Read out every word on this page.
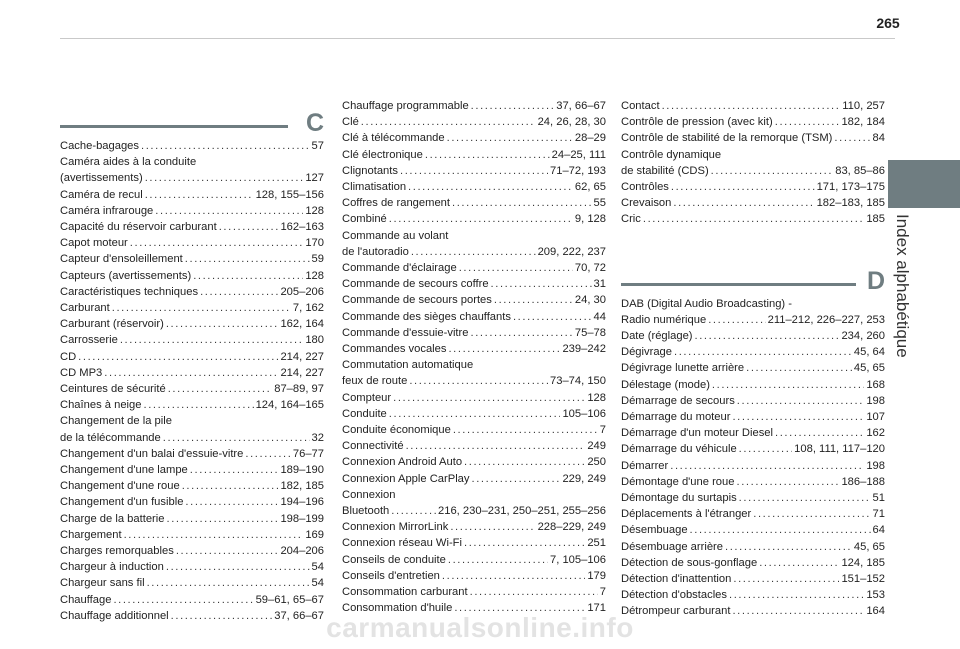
265
Index alphabétique
C
Cache-bagages .....	57
Caméra aides à la conduite
(avertissements) .....	127
Caméra de recul .....	128, 155–156
Caméra infrarouge .....	128
Capacité du réservoir carburant .....	162–163
Capot moteur .....	170
Capteur d'ensoleillement .....	59
Capteurs (avertissements) .....	128
Caractéristiques techniques .....	205–206
Carburant .....	7, 162
Carburant (réservoir) .....	162, 164
Carrosserie .....	180
CD .....	214, 227
CD MP3 .....	214, 227
Ceintures de sécurité .....	87–89, 97
Chaînes à neige .....	124, 164–165
Changement de la pile
de la télécommande .....	32
Changement d'un balai d'essuie-vitre .....	76–77
Changement d'une lampe .....	189–190
Changement d'une roue .....	182, 185
Changement d'un fusible .....	194–196
Charge de la batterie .....	198–199
Chargement .....	169
Charges remorquables .....	204–206
Chargeur à induction .....	54
Chargeur sans fil .....	54
Chauffage .....	59–61, 65–67
Chauffage additionnel .....	37, 66–67
Chauffage programmable .....	37, 66–67
Clé .....	24, 26, 28, 30
Clé à télécommande .....	28–29
Clé électronique .....	24–25, 111
Clignotants .....	71–72, 193
Climatisation .....	62, 65
Coffres de rangement .....	55
Combiné .....	9, 128
Commande au volant
de l'autoradio .....	209, 222, 237
Commande d'éclairage .....	70, 72
Commande de secours coffre .....	31
Commande de secours portes .....	24, 30
Commande des sièges chauffants .....	44
Commande d'essuie-vitre .....	75–78
Commandes vocales .....	239–242
Commutation automatique
feux de route .....	73–74, 150
Compteur .....	128
Conduite .....	105–106
Conduite économique .....	7
Connectivité .....	249
Connexion Android Auto .....	250
Connexion Apple CarPlay .....	229, 249
Connexion
Bluetooth .....	216, 230–231, 250–251, 255–256
Connexion MirrorLink .....	228–229, 249
Connexion réseau Wi-Fi .....	251
Conseils de conduite .....	7, 105–106
Conseils d'entretien .....	179
Consommation carburant .....	7
Consommation d'huile .....	171
Contact .....	110, 257
Contrôle de pression (avec kit) .....	182, 184
Contrôle de stabilité de la remorque (TSM) .....	84
Contrôle dynamique
de stabilité (CDS) .....	83, 85–86
Contrôles .....	171, 173–175
Crevaison .....	182–183, 185
Cric .....	185
D
DAB (Digital Audio Broadcasting) -
Radio numérique .....	211–212, 226–227, 253
Date (réglage) .....	234, 260
Dégivrage .....	45, 64
Dégivrage lunette arrière .....	45, 65
Délestage (mode) .....	168
Démarrage de secours .....	198
Démarrage du moteur .....	107
Démarrage d'un moteur Diesel .....	162
Démarrage du véhicule .....	108, 111, 117–120
Démarrer .....	198
Démontage d'une roue .....	186–188
Démontage du surtapis .....	51
Déplacements à l'étranger .....	71
Désembuage .....	64
Désembuage arrière .....	45, 65
Détection de sous-gonflage .....	124, 185
Détection d'inattention .....	151–152
Détection d'obstacles .....	153
Détrompeur carburant .....	164
carmanualsonline.info
